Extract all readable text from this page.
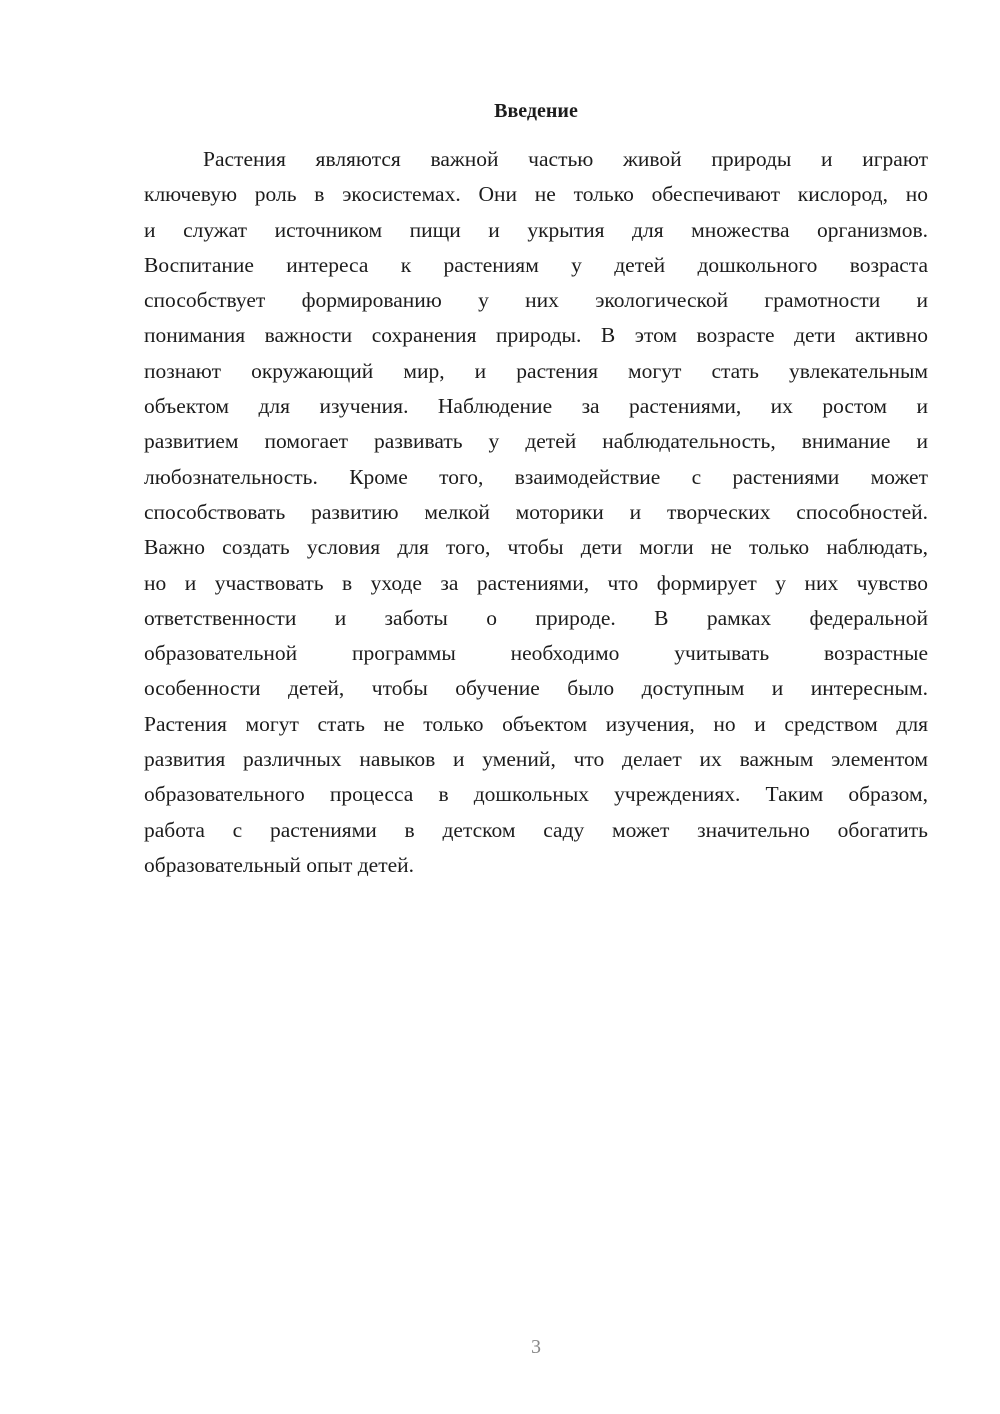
Введение
Растения являются важной частью живой природы и играют
ключевую роль в экосистемах. Они не только обеспечивают кислород, но
и служат источником пищи и укрытия для множества организмов.
Воспитание интереса к растениям у детей дошкольного возраста
способствует формированию у них экологической грамотности и
понимания важности сохранения природы. В этом возрасте дети активно
познают окружающий мир, и растения могут стать увлекательным
объектом для изучения. Наблюдение за растениями, их ростом и
развитием помогает развивать у детей наблюдательность, внимание и
любознательность. Кроме того, взаимодействие с растениями может
способствовать развитию мелкой моторики и творческих способностей.
Важно создать условия для того, чтобы дети могли не только наблюдать,
но и участвовать в уходе за растениями, что формирует у них чувство
ответственности и заботы о природе. В рамках федеральной
образовательной программы необходимо учитывать возрастные
особенности детей, чтобы обучение было доступным и интересным.
Растения могут стать не только объектом изучения, но и средством для
развития различных навыков и умений, что делает их важным элементом
образовательного процесса в дошкольных учреждениях. Таким образом,
работа с растениями в детском саду может значительно обогатить
образовательный опыт детей.
3
